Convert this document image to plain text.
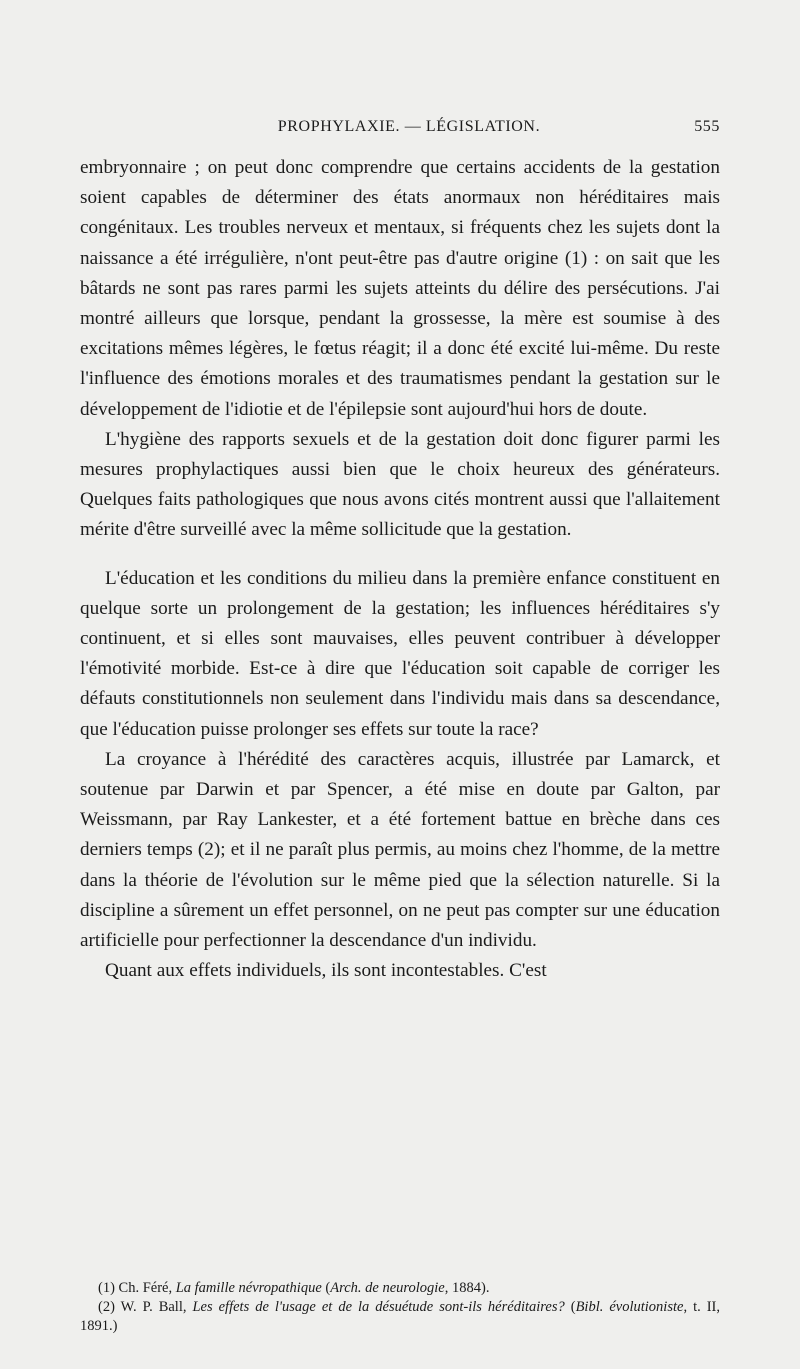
PROPHYLAXIE. — LÉGISLATION.	555

embryonnaire ; on peut donc comprendre que certains accidents de la gestation soient capables de déterminer des états anormaux non héréditaires mais congénitaux. Les troubles nerveux et mentaux, si fréquents chez les sujets dont la naissance a été irrégulière, n'ont peut-être pas d'autre origine (1) : on sait que les bâtards ne sont pas rares parmi les sujets atteints du délire des persécutions. J'ai montré ailleurs que lorsque, pendant la grossesse, la mère est soumise à des excitations mêmes légères, le fœtus réagit; il a donc été excité lui-même. Du reste l'influence des émotions morales et des traumatismes pendant la gestation sur le développement de l'idiotie et de l'épilepsie sont aujourd'hui hors de doute.

L'hygiène des rapports sexuels et de la gestation doit donc figurer parmi les mesures prophylactiques aussi bien que le choix heureux des générateurs. Quelques faits pathologiques que nous avons cités montrent aussi que l'allaitement mérite d'être surveillé avec la même sollicitude que la gestation.

L'éducation et les conditions du milieu dans la première enfance constituent en quelque sorte un prolongement de la gestation; les influences héréditaires s'y continuent, et si elles sont mauvaises, elles peuvent contribuer à développer l'émotivité morbide. Est-ce à dire que l'éducation soit capable de corriger les défauts constitutionnels non seulement dans l'individu mais dans sa descendance, que l'éducation puisse prolonger ses effets sur toute la race?

La croyance à l'hérédité des caractères acquis, illustrée par Lamarck, et soutenue par Darwin et par Spencer, a été mise en doute par Galton, par Weissmann, par Ray Lankester, et a été fortement battue en brèche dans ces derniers temps (2); et il ne paraît plus permis, au moins chez l'homme, de la mettre dans la théorie de l'évolution sur le même pied que la sélection naturelle. Si la discipline a sûrement un effet personnel, on ne peut pas compter sur une éducation artificielle pour perfectionner la descendance d'un individu.

Quant aux effets individuels, ils sont incontestables. C'est

(1) Ch. Féré, La famille névropathique (Arch. de neurologie, 1884).

(2) W. P. Ball, Les effets de l'usage et de la désuétude sont-ils héréditaires? (Bibl. évolutioniste, t. II, 1891.)
